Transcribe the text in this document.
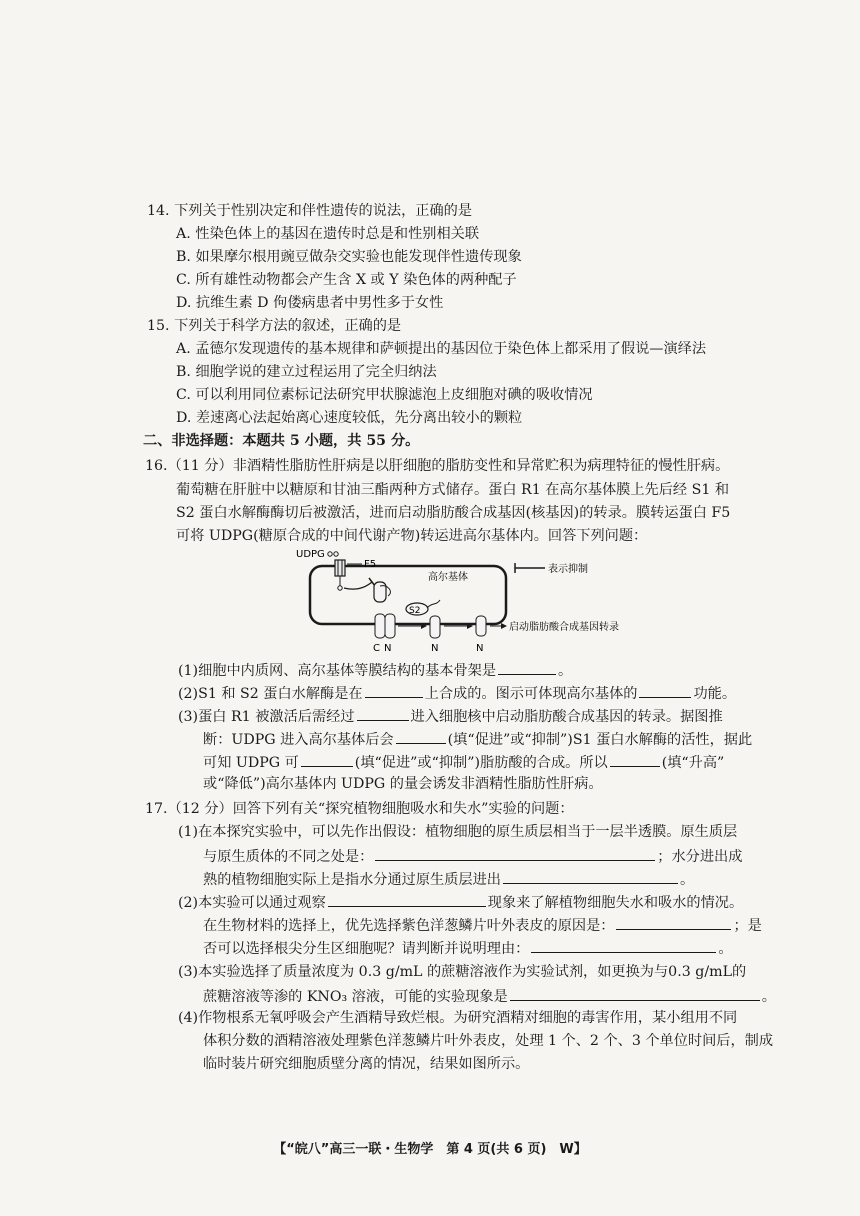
14. 下列关于性别决定和伴性遗传的说法，正确的是
A. 性染色体上的基因在遗传时总是和性别相关联
B. 如果摩尔根用豌豆做杂交实验也能发现伴性遗传现象
C. 所有雄性动物都会产生含 X 或 Y 染色体的两种配子
D. 抗维生素 D 佝偻病患者中男性多于女性
15. 下列关于科学方法的叙述，正确的是
A. 孟德尔发现遗传的基本规律和萨顿提出的基因位于染色体上都采用了假说—演绎法
B. 细胞学说的建立过程运用了完全归纳法
C. 可以利用同位素标记法研究甲状腺滤泡上皮细胞对碘的吸收情况
D. 差速离心法起始离心速度较低，先分离出较小的颗粒
二、非选择题：本题共 5 小题，共 55 分。
16.（11 分）非酒精性脂肪性肝病是以肝细胞的脂肪变性和异常贮积为病理特征的慢性肝病。
葡萄糖在肝脏中以糖原和甘油三酯两种方式储存。蛋白 R1 在高尔基体膜上先后经 S1 和
S2 蛋白水解酶酶切后被激活，进而启动脂肪酸合成基因(核基因)的转录。膜转运蛋白 F5
可将 UDPG(糖原合成的中间代谢产物)转运进高尔基体内。回答下列问题：
UDPG
F5
高尔基体
S2
启动脂肪酸合成基因转录
C N	N	N
表示抑制
(1)细胞中内质网、高尔基体等膜结构的基本骨架是	。
(2)S1 和 S2 蛋白水解酶是在	上合成的。图示可体现高尔基体的	功能。
(3)蛋白 R1 被激活后需经过	进入细胞核中启动脂肪酸合成基因的转录。据图推
断：UDPG 进入高尔基体后会	(填“促进”或“抑制”)S1 蛋白水解酶的活性，据此
可知 UDPG 可	(填“促进”或“抑制”)脂肪酸的合成。所以	(填“升高”
或“降低”)高尔基体内 UDPG 的量会诱发非酒精性脂肪性肝病。
17.（12 分）回答下列有关“探究植物细胞吸水和失水”实验的问题：
(1)在本探究实验中，可以先作出假设：植物细胞的原生质层相当于一层半透膜。原生质层
与原生质体的不同之处是：	；水分进出成
熟的植物细胞实际上是指水分通过原生质层进出	。
(2)本实验可以通过观察	现象来了解植物细胞失水和吸水的情况。
在生物材料的选择上，优先选择紫色洋葱鳞片叶外表皮的原因是：	；是
否可以选择根尖分生区细胞呢？请判断并说明理由：	。
(3)本实验选择了质量浓度为 0.3 g/mL 的蔗糖溶液作为实验试剂，如更换为与0.3 g/mL的
蔗糖溶液等渗的 KNO₃ 溶液，可能的实验现象是	。
(4)作物根系无氧呼吸会产生酒精导致烂根。为研究酒精对细胞的毒害作用，某小组用不同
体积分数的酒精溶液处理紫色洋葱鳞片叶外表皮，处理 1 个、2 个、3 个单位时间后，制成
临时装片研究细胞质壁分离的情况，结果如图所示。
【“皖八”高三一联・生物学　第 4 页(共 6 页)　W】
